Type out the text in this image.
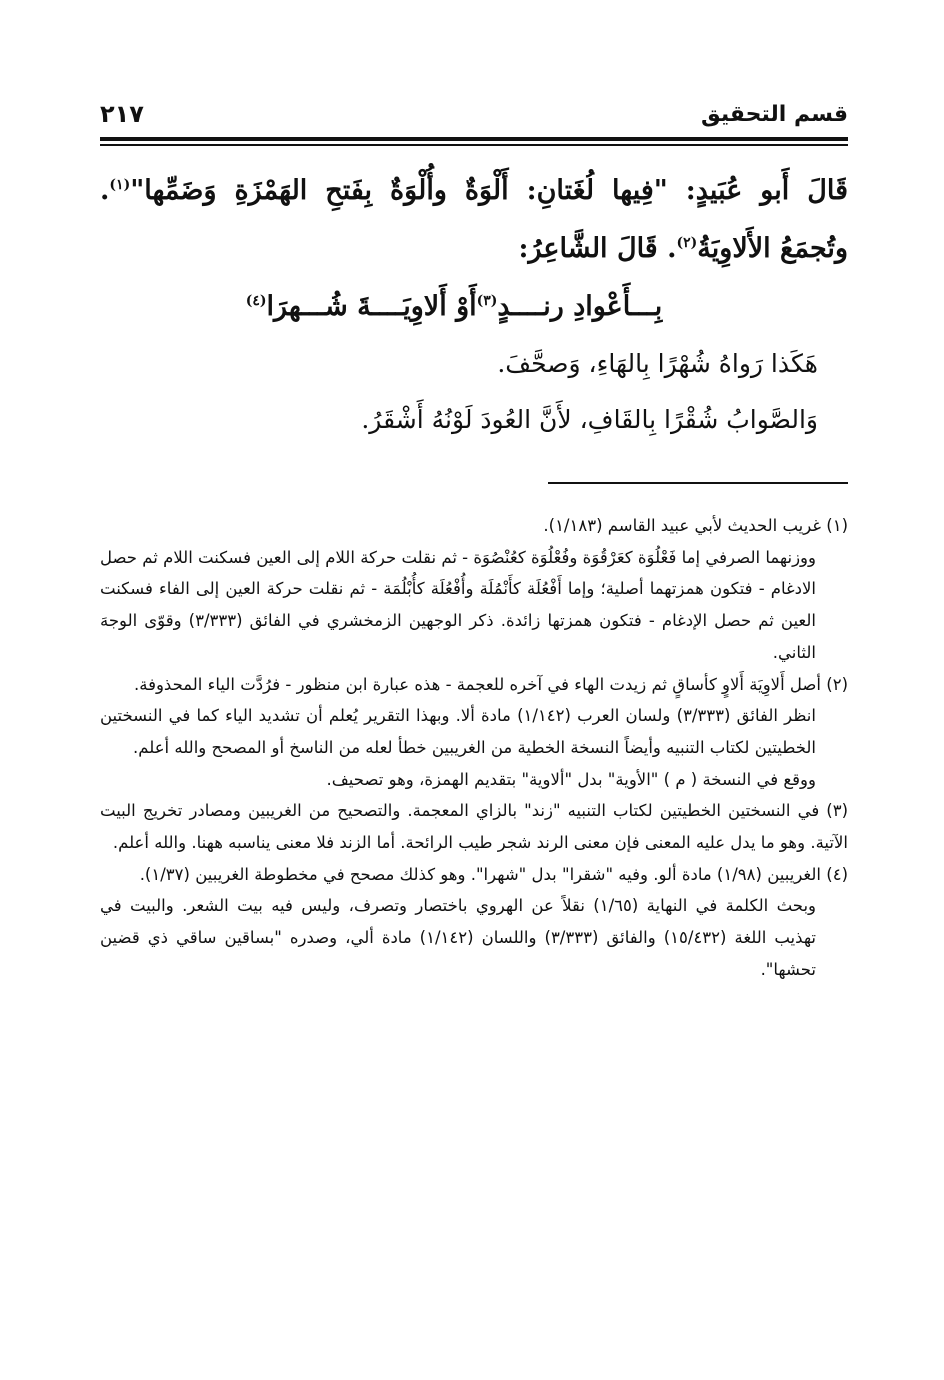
قسم التحقيق
٢١٧

قَالَ أَبو عُبَيدٍ: "فِيها لُغَتانِ: أَلْوَةٌ وأُلْوَةٌ بِفَتحِ الهَمْزَةِ وَضَمِّها"$^{(١)}$. وتُجمَعُ الأَلاوِيَةُ$^{(٢)}$. قَالَ الشَّاعِرُ:

بِـــأَعْوادِ رنــــدٍ$^{(٣)}$أَوْ أَلاوِيَــــةَ شُـــهرَا$^{(٤)}$

هَكَذا رَواهُ شُهْرًا بِالهَاءِ، وَصحَّفَ.

وَالصَّوابُ شُقْرًا بِالقَافِ، لأَنَّ العُودَ لَوْنُهُ أَشْقَرُ.

(١) غريب الحديث لأبي عبيد القاسم (١/١٨٣).

ووزنهما الصرفي إما فَعْلُوَة كعَرْقُوَة وفُعْلُوَة كعُنْصُوَة - ثم نقلت حركة اللام إلى العين فسكنت اللام ثم حصل الادغام - فتكون همزتهما أصلية؛ وإما أَفْعُلَة كأَنْمُلَة وأُفْعُلَة كأُبْلُمَة - ثم نقلت حركة العين إلى الفاء فسكنت العين ثم حصل الإدغام - فتكون همزتها زائدة. ذكر الوجهين الزمخشري في الفائق (٣/٣٣٣) وقوّى الوجهَ الثاني.

(٢) أصل أَلاوِيَة أَلاوٍ كأساقٍ ثم زيدت الهاء في آخره للعجمة - هذه عبارة ابن منظور - فرُدَّت الياء المحذوفة.

انظر الفائق (٣/٣٣٣) ولسان العرب (١/١٤٢) مادة ألا. وبهذا التقرير يُعلم أن تشديد الياء كما في النسختين الخطيتين لكتاب التنبيه وأيضاً النسخة الخطية من الغريبين خطأ لعله من الناسخ أو المصحح والله أعلم.

ووقع في النسخة ( م ) "الأوية" بدل "ألاوية" بتقديم الهمزة، وهو تصحيف.

(٣) في النسختين الخطيتين لكتاب التنبيه "زند" بالزاي المعجمة. والتصحيح من الغريبين ومصادر تخريج البيت الآتية. وهو ما يدل عليه المعنى فإن معنى الرند شجر طيب الرائحة. أما الزند فلا معنى يناسبه ههنا. والله أعلم.

(٤) الغريبين (١/٩٨) مادة ألو. وفيه "شقرا" بدل "شهرا". وهو كذلك مصحح في مخطوطة الغريبين (١/٣٧).

وبحث الكلمة في النهاية (١/٦٥) نقلاً عن الهروي باختصار وتصرف، وليس فيه بيت الشعر. والبيت في تهذيب اللغة (١٥/٤٣٢) والفائق (٣/٣٣٣) واللسان (١/١٤٢) مادة ألي، وصدره "بساقين ساقي ذي قضين تحشها".
